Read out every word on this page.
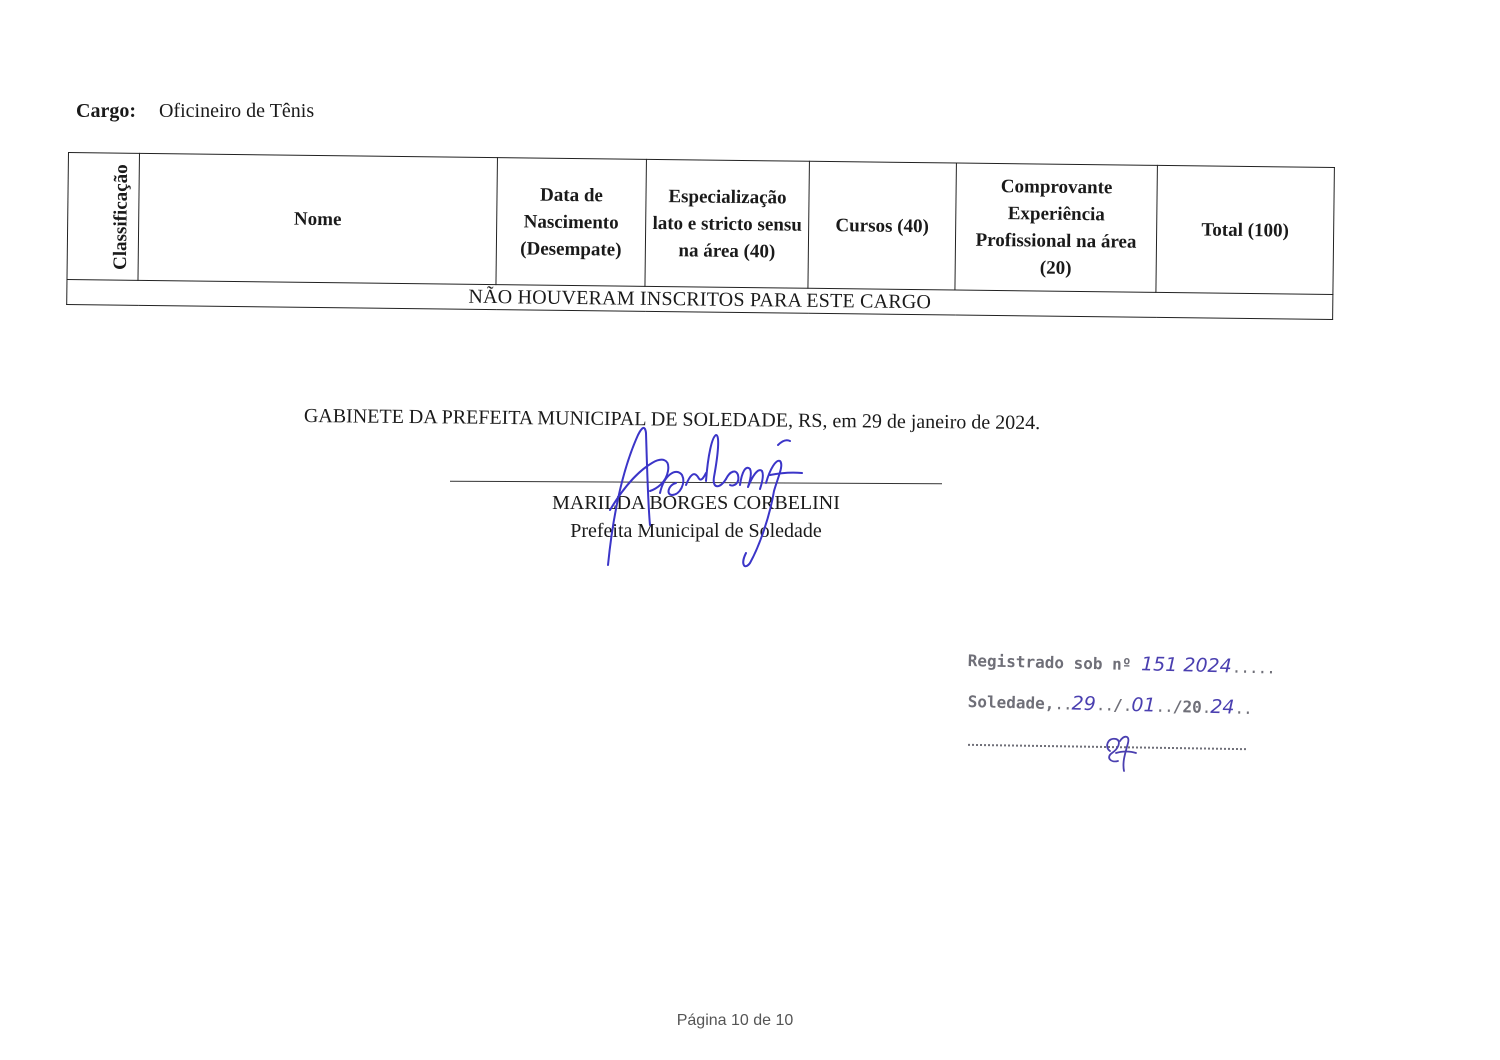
Cargo: Oficineiro de Tênis
Classificação	Nome	Data de Nascimento (Desempate)	Especialização lato e stricto sensu na área (40)	Cursos (40)	Comprovante Experiência Profissional na área (20)	Total (100)
NÃO HOUVERAM INSCRITOS PARA ESTE CARGO
GABINETE DA PREFEITA MUNICIPAL DE SOLEDADE, RS, em 29 de janeiro de 2024.
MARILDA BORGES CORBELINI
Prefeita Municipal de Soledade
Registrado sob nº 151 2024.....
Soledade,..29../.01../20.24..
Página 10 de 10
